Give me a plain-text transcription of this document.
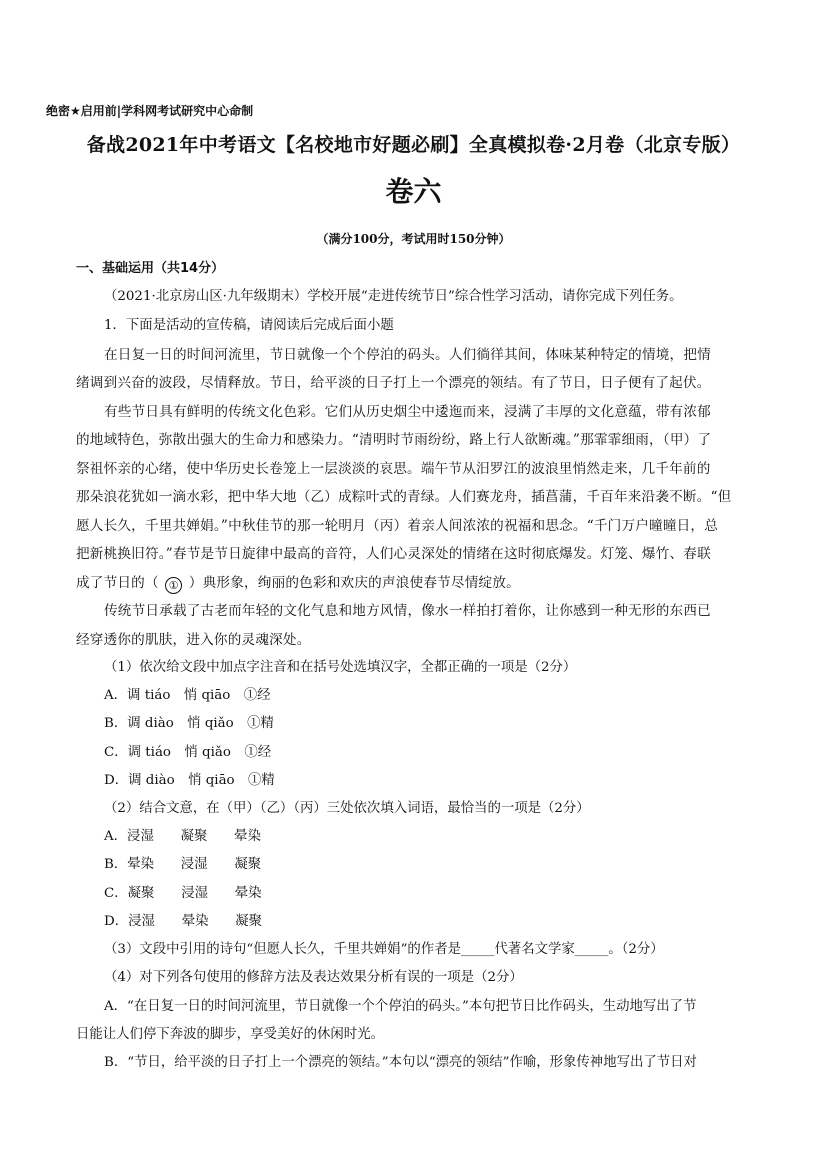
绝密★启用前|学科网考试研究中心命制
备战2021年中考语文【名校地市好题必刷】全真模拟卷·2月卷（北京专版）
卷六
（满分100分，考试用时150分钟）
一、基础运用（共14分）
（2021·北京房山区·九年级期末）学校开展“走进传统节日”综合性学习活动，请你完成下列任务。
1．下面是活动的宣传稿，请阅读后完成后面小题
在日复一日的时间河流里，节日就像一个个停泊的码头。人们徜徉其间，体味某种特定的情境，把情
绪调到兴奋的波段，尽情释放。节日，给平淡的日子打上一个漂亮的领结。有了节日，日子便有了起伏。
有些节日具有鲜明的传统文化色彩。它们从历史烟尘中逶迤而来，浸满了丰厚的文化意蕴，带有浓郁
的地域特色，弥散出强大的生命力和感染力。“清明时节雨纷纷，路上行人欲断魂。”那霏霏细雨，（甲）了
祭祖怀亲的心绪，使中华历史长卷笼上一层淡淡的哀思。端午节从汨罗江的波浪里悄然走来，几千年前的
那朵浪花犹如一滴水彩，把中华大地（乙）成粽叶式的青绿。人们赛龙舟，插菖蒲，千百年来沿袭不断。“但
愿人长久，千里共婵娟。”中秋佳节的那一轮明月（丙）着亲人间浓浓的祝福和思念。“千门万户曈曈日，总
把新桃换旧符。”春节是节日旋律中最高的音符，人们心灵深处的情绪在这时彻底爆发。灯笼、爆竹、春联
成了节日的（ ① ）典形象，绚丽的色彩和欢庆的声浪使春节尽情绽放。
传统节日承载了古老而年轻的文化气息和地方风情，像水一样拍打着你，让你感到一种无形的东西已
经穿透你的肌肤，进入你的灵魂深处。
（1）依次给文段中加点字注音和在括号处选填汉字，全都正确的一项是（2分）
A．调 tiáo　悄 qiāo　①经
B．调 diào　悄 qiǎo　①精
C．调 tiáo　悄 qiǎo　①经
D．调 diào　悄 qiāo　①精
（2）结合文意，在（甲）（乙）（丙）三处依次填入词语，最恰当的一项是（2分）
A．浸湿　　凝聚　　晕染
B．晕染　　浸湿　　凝聚
C．凝聚　　浸湿　　晕染
D．浸湿　　晕染　　凝聚
（3）文段中引用的诗句“但愿人长久，千里共婵娟”的作者是_____代著名文学家_____。（2分）
（4）对下列各句使用的修辞方法及表达效果分析有误的一项是（2分）
A．“在日复一日的时间河流里，节日就像一个个停泊的码头。”本句把节日比作码头，生动地写出了节
日能让人们停下奔波的脚步，享受美好的休闲时光。
B．“节日，给平淡的日子打上一个漂亮的领结。”本句以“漂亮的领结”作喻，形象传神地写出了节日对
